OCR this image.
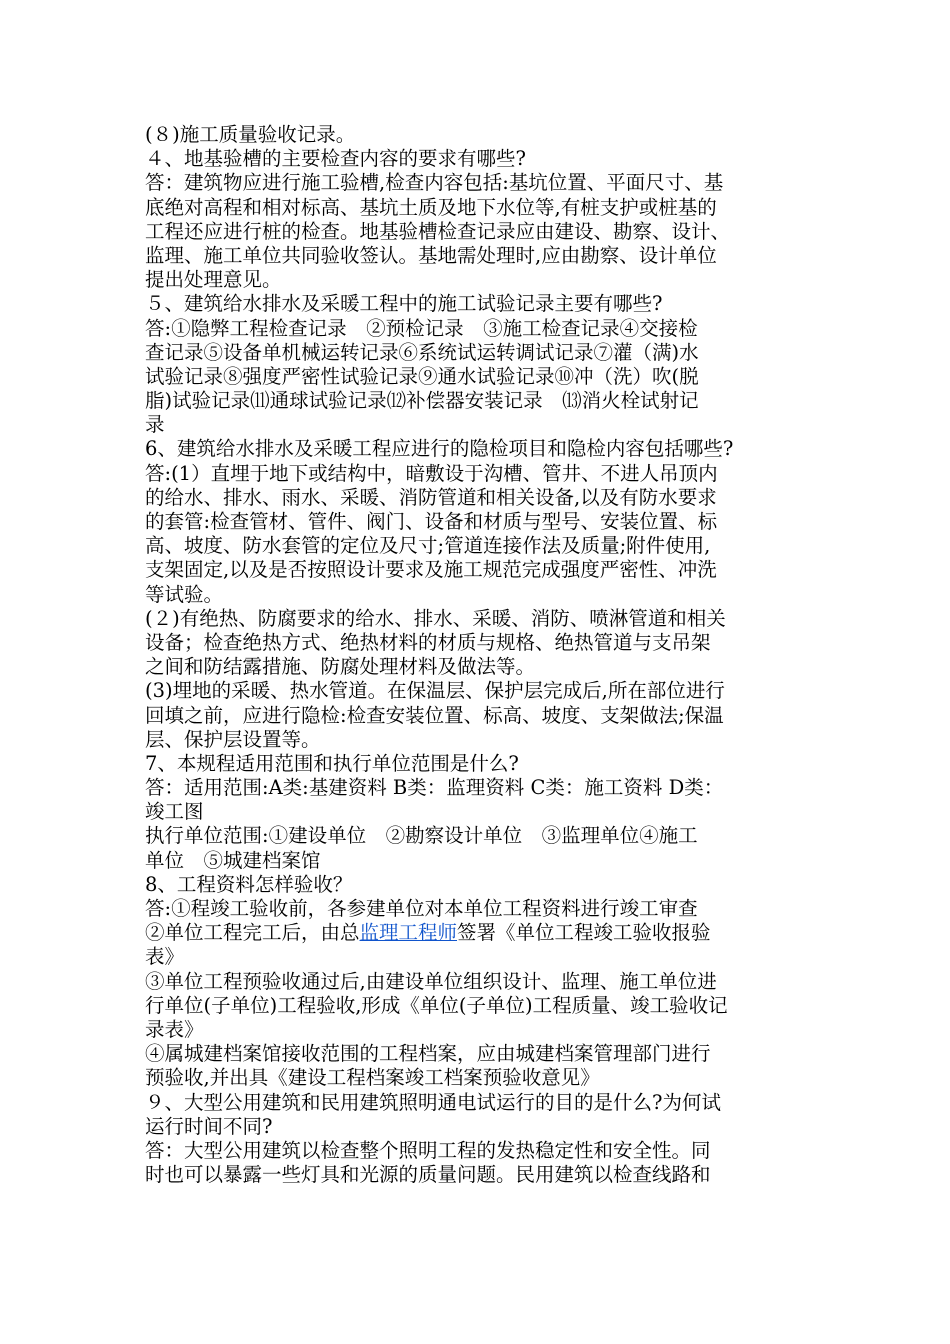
(８)施工质量验收记录。
４、地基验槽的主要检查内容的要求有哪些?
答：建筑物应进行施工验槽,检查内容包括:基坑位置、平面尺寸、基
底绝对高程和相对标高、基坑土质及地下水位等,有桩支护或桩基的
工程还应进行桩的检查。地基验槽检查记录应由建设、勘察、设计、
监理、施工单位共同验收签认。基地需处理时,应由勘察、设计单位
提出处理意见。
５、建筑给水排水及采暖工程中的施工试验记录主要有哪些?
答:①隐弊工程检查记录　②预检记录　③施工检查记录④交接检
查记录⑤设备单机械运转记录⑥系统试运转调试记录⑦灌（满)水
试验记录⑧强度严密性试验记录⑨通水试验记录⑩冲（洗）吹(脱
脂)试验记录⑾通球试验记录⑿补偿器安装记录　⒀消火栓试射记
录
6、建筑给水排水及采暖工程应进行的隐检项目和隐检内容包括哪些?
答:(1）直埋于地下或结构中，暗敷设于沟槽、管井、不进人吊顶内
的给水、排水、雨水、采暖、消防管道和相关设备,以及有防水要求
的套管:检查管材、管件、阀门、设备和材质与型号、安装位置、标
高、坡度、防水套管的定位及尺寸;管道连接作法及质量;附件使用,
支架固定,以及是否按照设计要求及施工规范完成强度严密性、冲洗
等试验。
(２)有绝热、防腐要求的给水、排水、采暖、消防、喷淋管道和相关
设备；检查绝热方式、绝热材料的材质与规格、绝热管道与支吊架
之间和防结露措施、防腐处理材料及做法等。
(3)埋地的采暖、热水管道。在保温层、保护层完成后,所在部位进行
回填之前，应进行隐检:检查安装位置、标高、坡度、支架做法;保温
层、保护层设置等。
7、本规程适用范围和执行单位范围是什么?
答：适用范围:A类:基建资料 B类：监理资料 C类：施工资料 D类：
竣工图
执行单位范围:①建设单位　②勘察设计单位　③监理单位④施工
单位　⑤城建档案馆
8、工程资料怎样验收？
答:①程竣工验收前，各参建单位对本单位工程资料进行竣工审查
②单位工程完工后，由总监理工程师签署《单位工程竣工验收报验
表》
③单位工程预验收通过后,由建设单位组织设计、监理、施工单位进
行单位(子单位)工程验收,形成《单位(子单位)工程质量、竣工验收记
录表》
④属城建档案馆接收范围的工程档案，应由城建档案管理部门进行
预验收,并出具《建设工程档案竣工档案预验收意见》
９、大型公用建筑和民用建筑照明通电试运行的目的是什么?为何试
运行时间不同?
答：大型公用建筑以检查整个照明工程的发热稳定性和安全性。同
时也可以暴露一些灯具和光源的质量问题。民用建筑以检查线路和
